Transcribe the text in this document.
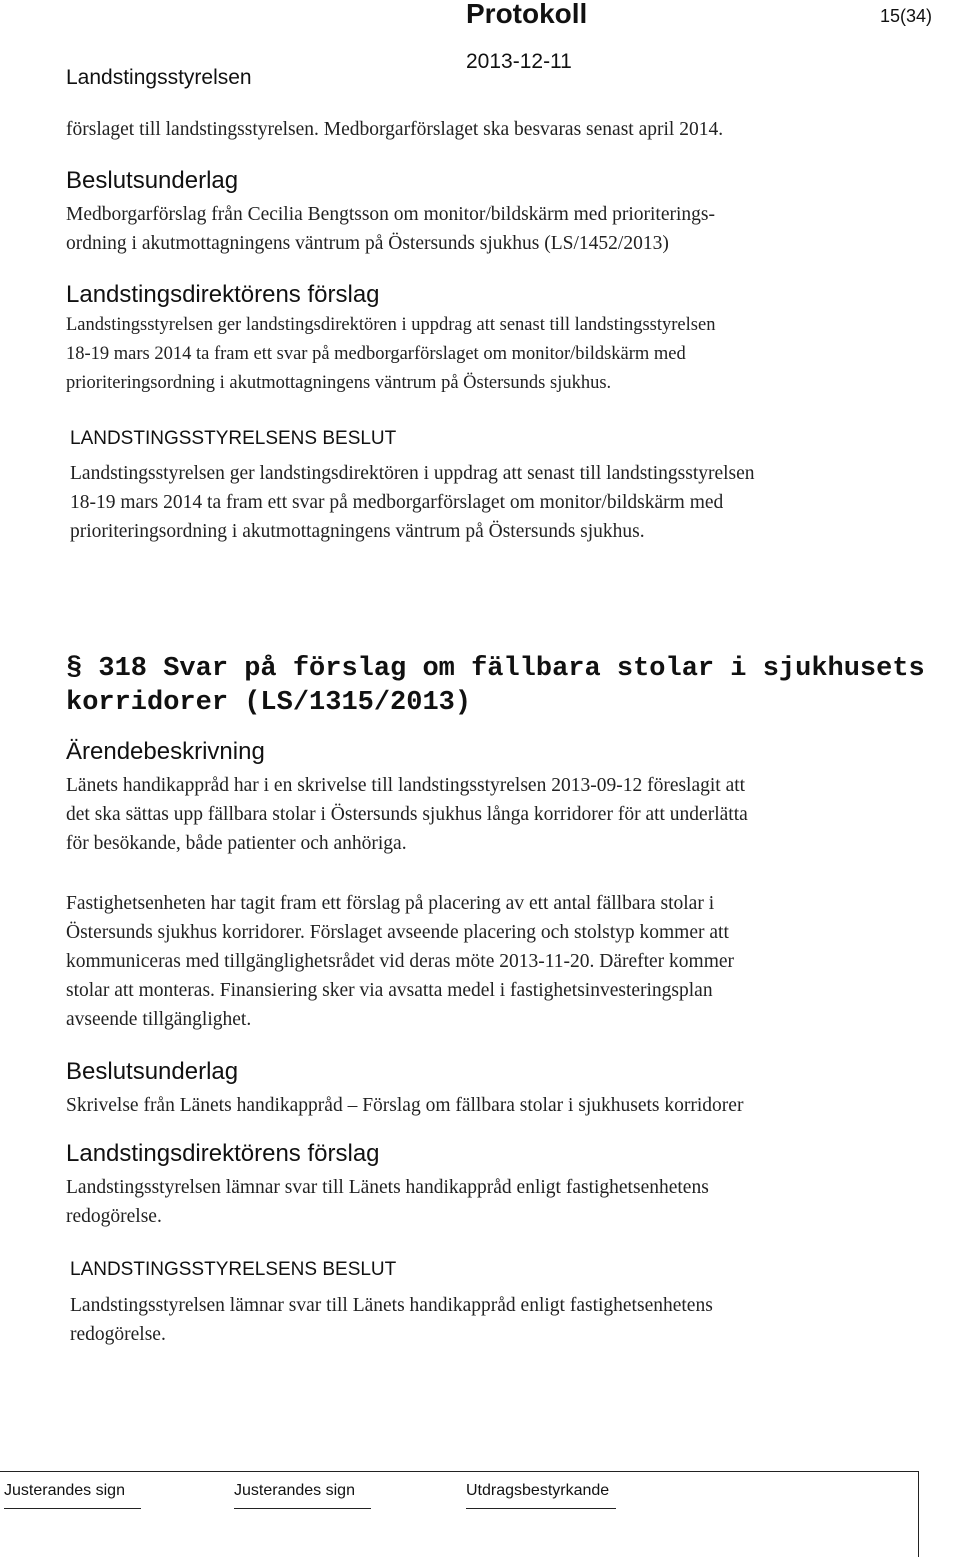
Landstingsstyrelsen
Protokoll
2013-12-11
15(34)
förslaget till landstingsstyrelsen. Medborgarförslaget ska besvaras senast april 2014.
Beslutsunderlag
Medborgarförslag från Cecilia Bengtsson om monitor/bildskärm med prioriterings-
ordning i akutmottagningens väntrum på Östersunds sjukhus (LS/1452/2013)
Landstingsdirektörens förslag
Landstingsstyrelsen ger landstingsdirektören i uppdrag att senast till landstingsstyrelsen
18-19 mars 2014 ta fram ett svar på medborgarförslaget om monitor/bildskärm med
prioriteringsordning i akutmottagningens väntrum på Östersunds sjukhus.
LANDSTINGSSTYRELSENS BESLUT
Landstingsstyrelsen ger landstingsdirektören i uppdrag att senast till landstingsstyrelsen
18-19 mars 2014 ta fram ett svar på medborgarförslaget om monitor/bildskärm med
prioriteringsordning i akutmottagningens väntrum på Östersunds sjukhus.
§ 318 Svar på förslag om fällbara stolar i sjukhusets
korridorer (LS/1315/2013)
Ärendebeskrivning
Länets handikappråd har i en skrivelse till landstingsstyrelsen 2013-09-12 föreslagit att
det ska sättas upp fällbara stolar i Östersunds sjukhus långa korridorer för att underlätta
för besökande, både patienter och anhöriga.
Fastighetsenheten har tagit fram ett förslag på placering av ett antal fällbara stolar i
Östersunds sjukhus korridorer. Förslaget avseende placering och stolstyp kommer att
kommuniceras med tillgänglighetsrådet vid deras möte 2013-11-20. Därefter kommer
stolar att monteras. Finansiering sker via avsatta medel i fastighetsinvesteringsplan
avseende tillgänglighet.
Beslutsunderlag
Skrivelse från Länets handikappråd – Förslag om fällbara stolar i sjukhusets korridorer
Landstingsdirektörens förslag
Landstingsstyrelsen lämnar svar till Länets handikappråd enligt fastighetsenhetens
redogörelse.
LANDSTINGSSTYRELSENS BESLUT
Landstingsstyrelsen lämnar svar till Länets handikappråd enligt fastighetsenhetens
redogörelse.
Justerandes sign	Justerandes sign	Utdragsbestyrkande
